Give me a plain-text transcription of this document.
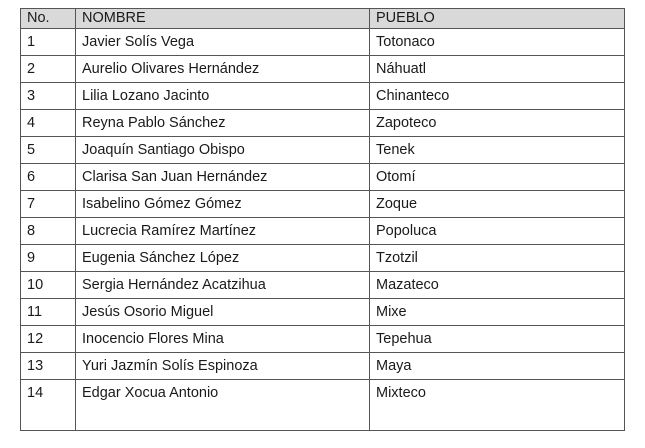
No.	NOMBRE	PUEBLO
1	Javier Solís Vega	Totonaco
2	Aurelio Olivares Hernández	Náhuatl
3	Lilia Lozano Jacinto	Chinanteco
4	Reyna Pablo Sánchez	Zapoteco
5	Joaquín Santiago Obispo	Tenek
6	Clarisa San Juan Hernández	Otomí
7	Isabelino Gómez Gómez	Zoque
8	Lucrecia Ramírez Martínez	Popoluca
9	Eugenia Sánchez López	Tzotzil
10	Sergia Hernández Acatzihua	Mazateco
11	Jesús Osorio Miguel	Mixe
12	Inocencio Flores Mina	Tepehua
13	Yuri Jazmín Solís Espinoza	Maya
14	Edgar Xocua Antonio	Mixteco
